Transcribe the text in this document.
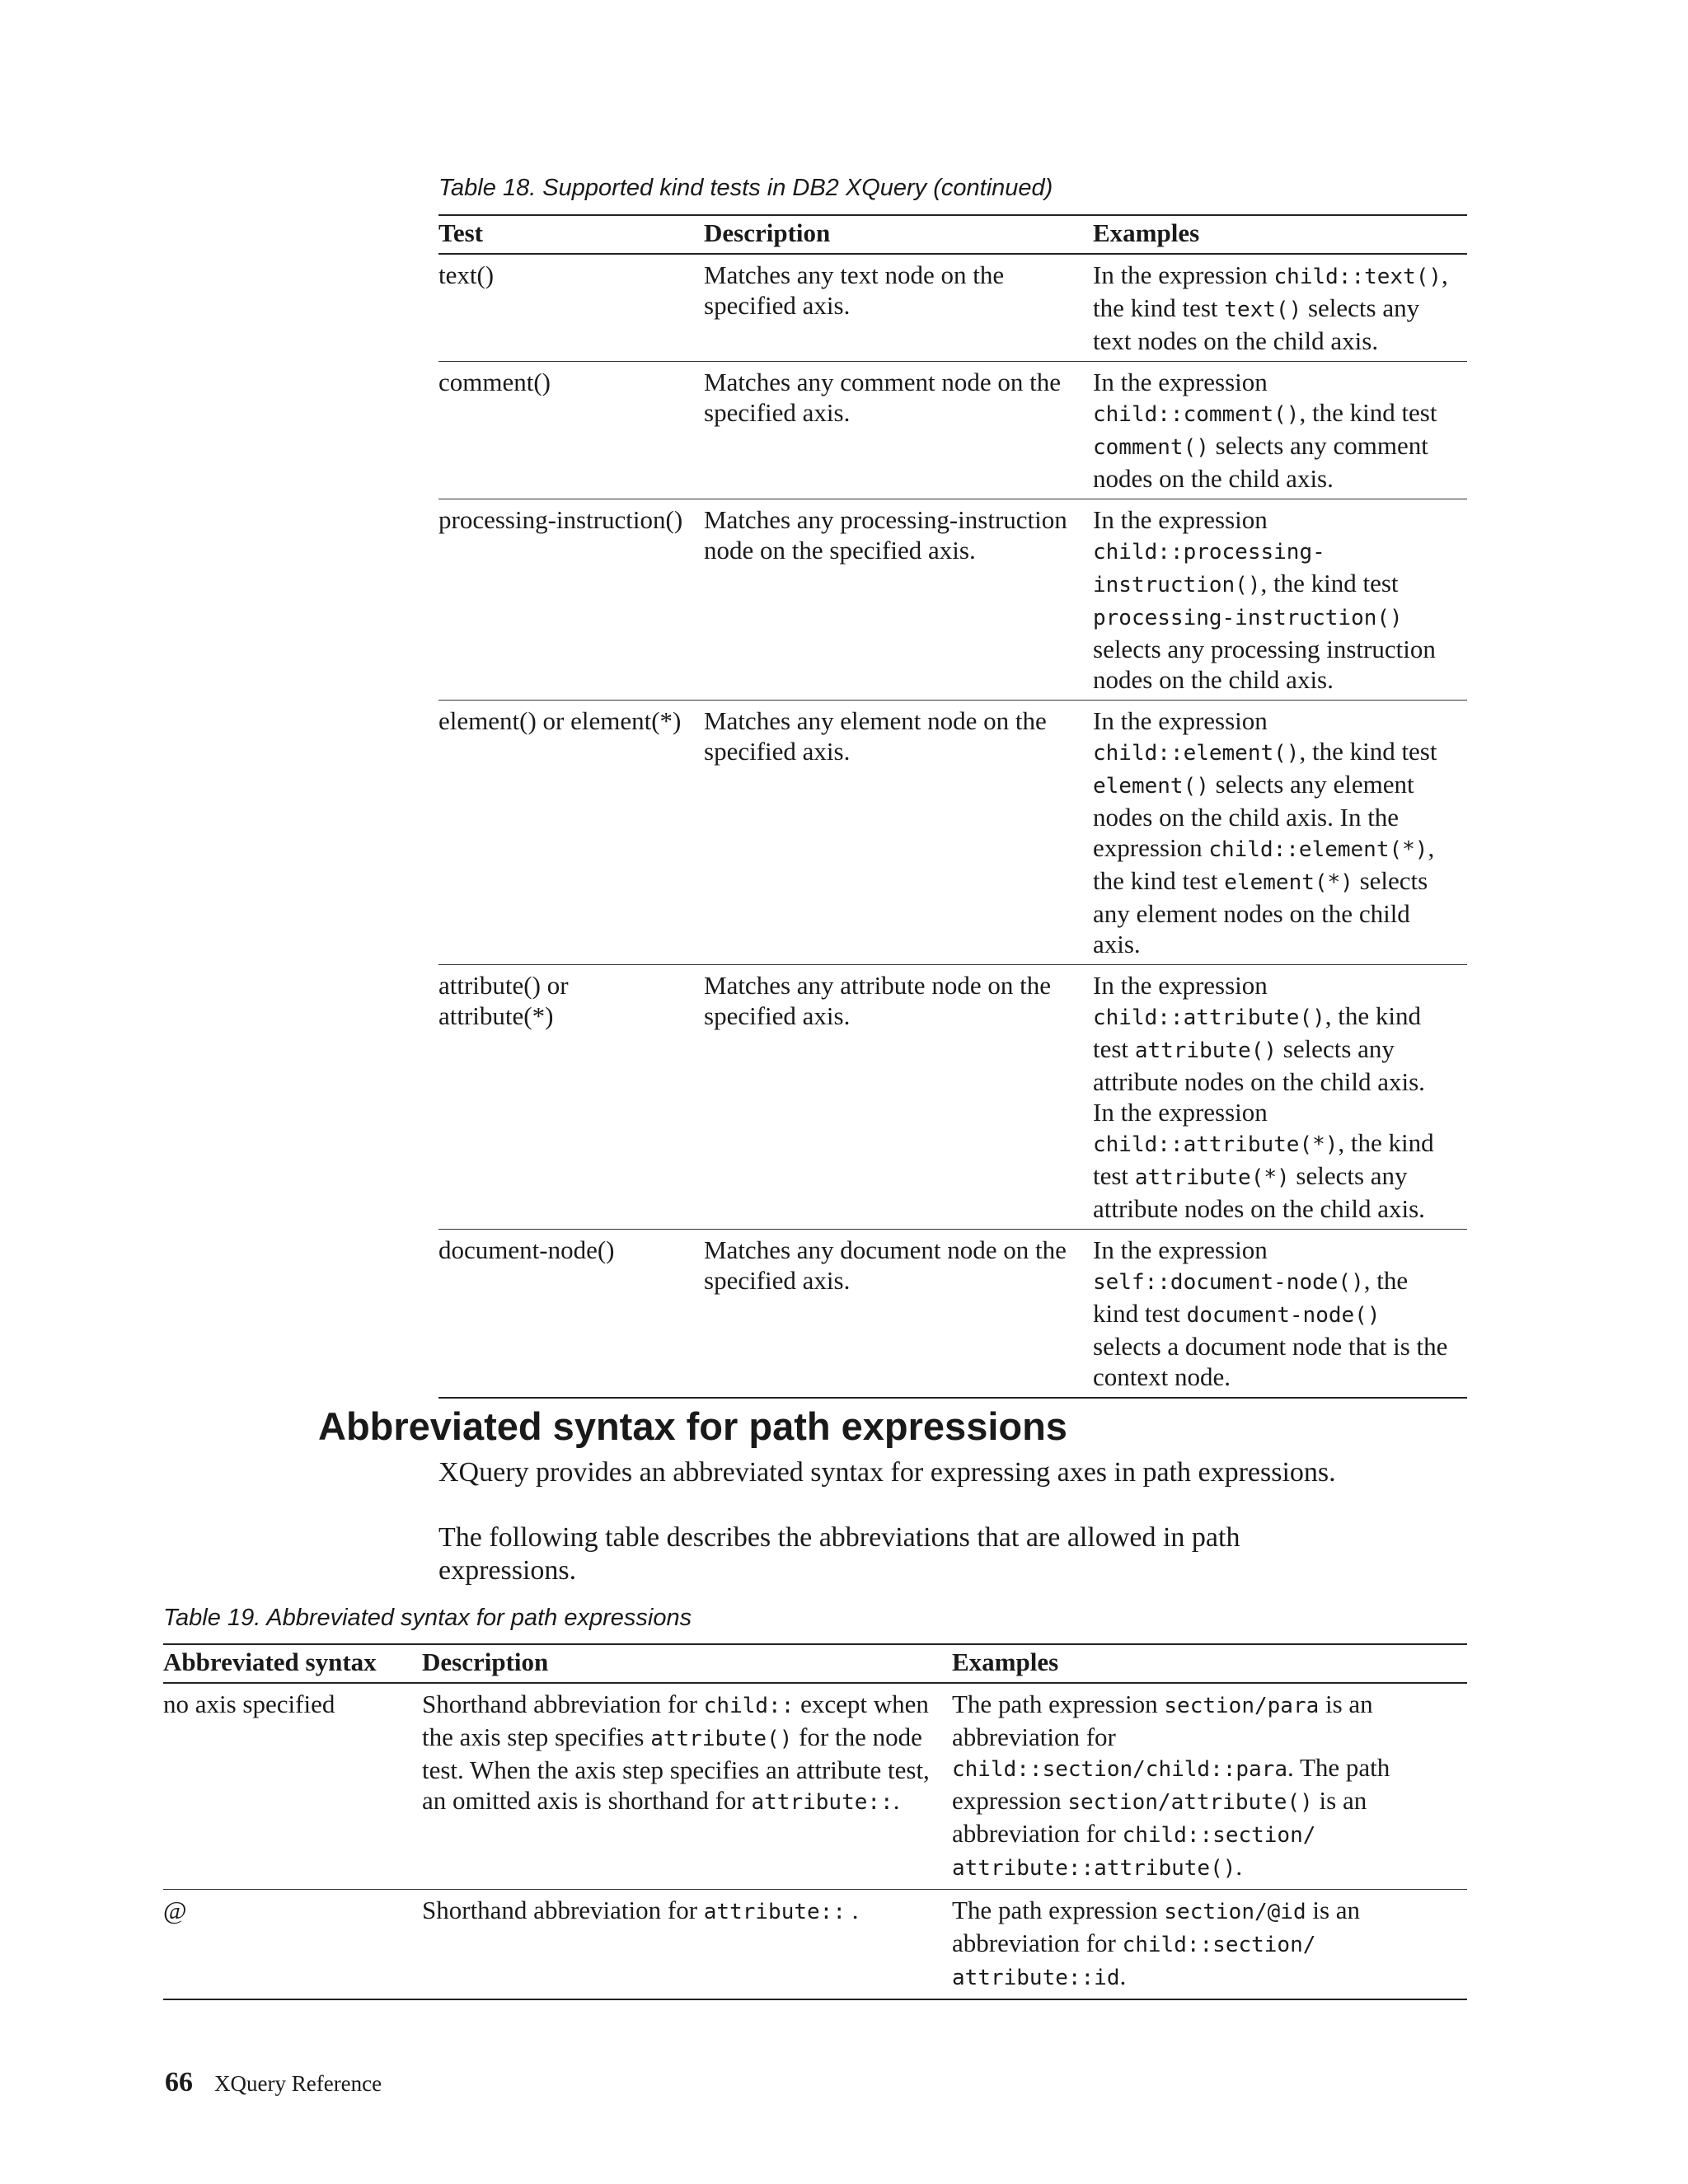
Table 18. Supported kind tests in DB2 XQuery (continued)
Test	Description	Examples

text()	Matches any text node on the specified axis.	In the expression child::text(), the kind test text() selects any text nodes on the child axis.

comment()	Matches any comment node on the specified axis.	In the expression child::comment(), the kind test comment() selects any comment nodes on the child axis.

processing-instruction()	Matches any processing-instruction node on the specified axis.	In the expression child::processing-instruction(), the kind test processing-instruction() selects any processing instruction nodes on the child axis.

element() or element(*)	Matches any element node on the specified axis.	In the expression child::element(), the kind test element() selects any element nodes on the child axis. In the expression child::element(*), the kind test element(*) selects any element nodes on the child axis.

attribute() or attribute(*)	Matches any attribute node on the specified axis.	In the expression child::attribute(), the kind test attribute() selects any attribute nodes on the child axis. In the expression child::attribute(*), the kind test attribute(*) selects any attribute nodes on the child axis.

document-node()	Matches any document node on the specified axis.	In the expression self::document-node(), the kind test document-node() selects a document node that is the context node.
Abbreviated syntax for path expressions

XQuery provides an abbreviated syntax for expressing axes in path expressions.

The following table describes the abbreviations that are allowed in path expressions.

Table 19. Abbreviated syntax for path expressions
Abbreviated syntax	Description	Examples

no axis specified	Shorthand abbreviation for child:: except when the axis step specifies attribute() for the node test. When the axis step specifies an attribute test, an omitted axis is shorthand for attribute::.	The path expression section/para is an abbreviation for child::section/child::para. The path expression section/attribute() is an abbreviation for child::section/ attribute::attribute().

@	Shorthand abbreviation for attribute:: .	The path expression section/@id is an abbreviation for child::section/ attribute::id.
66 XQuery Reference
